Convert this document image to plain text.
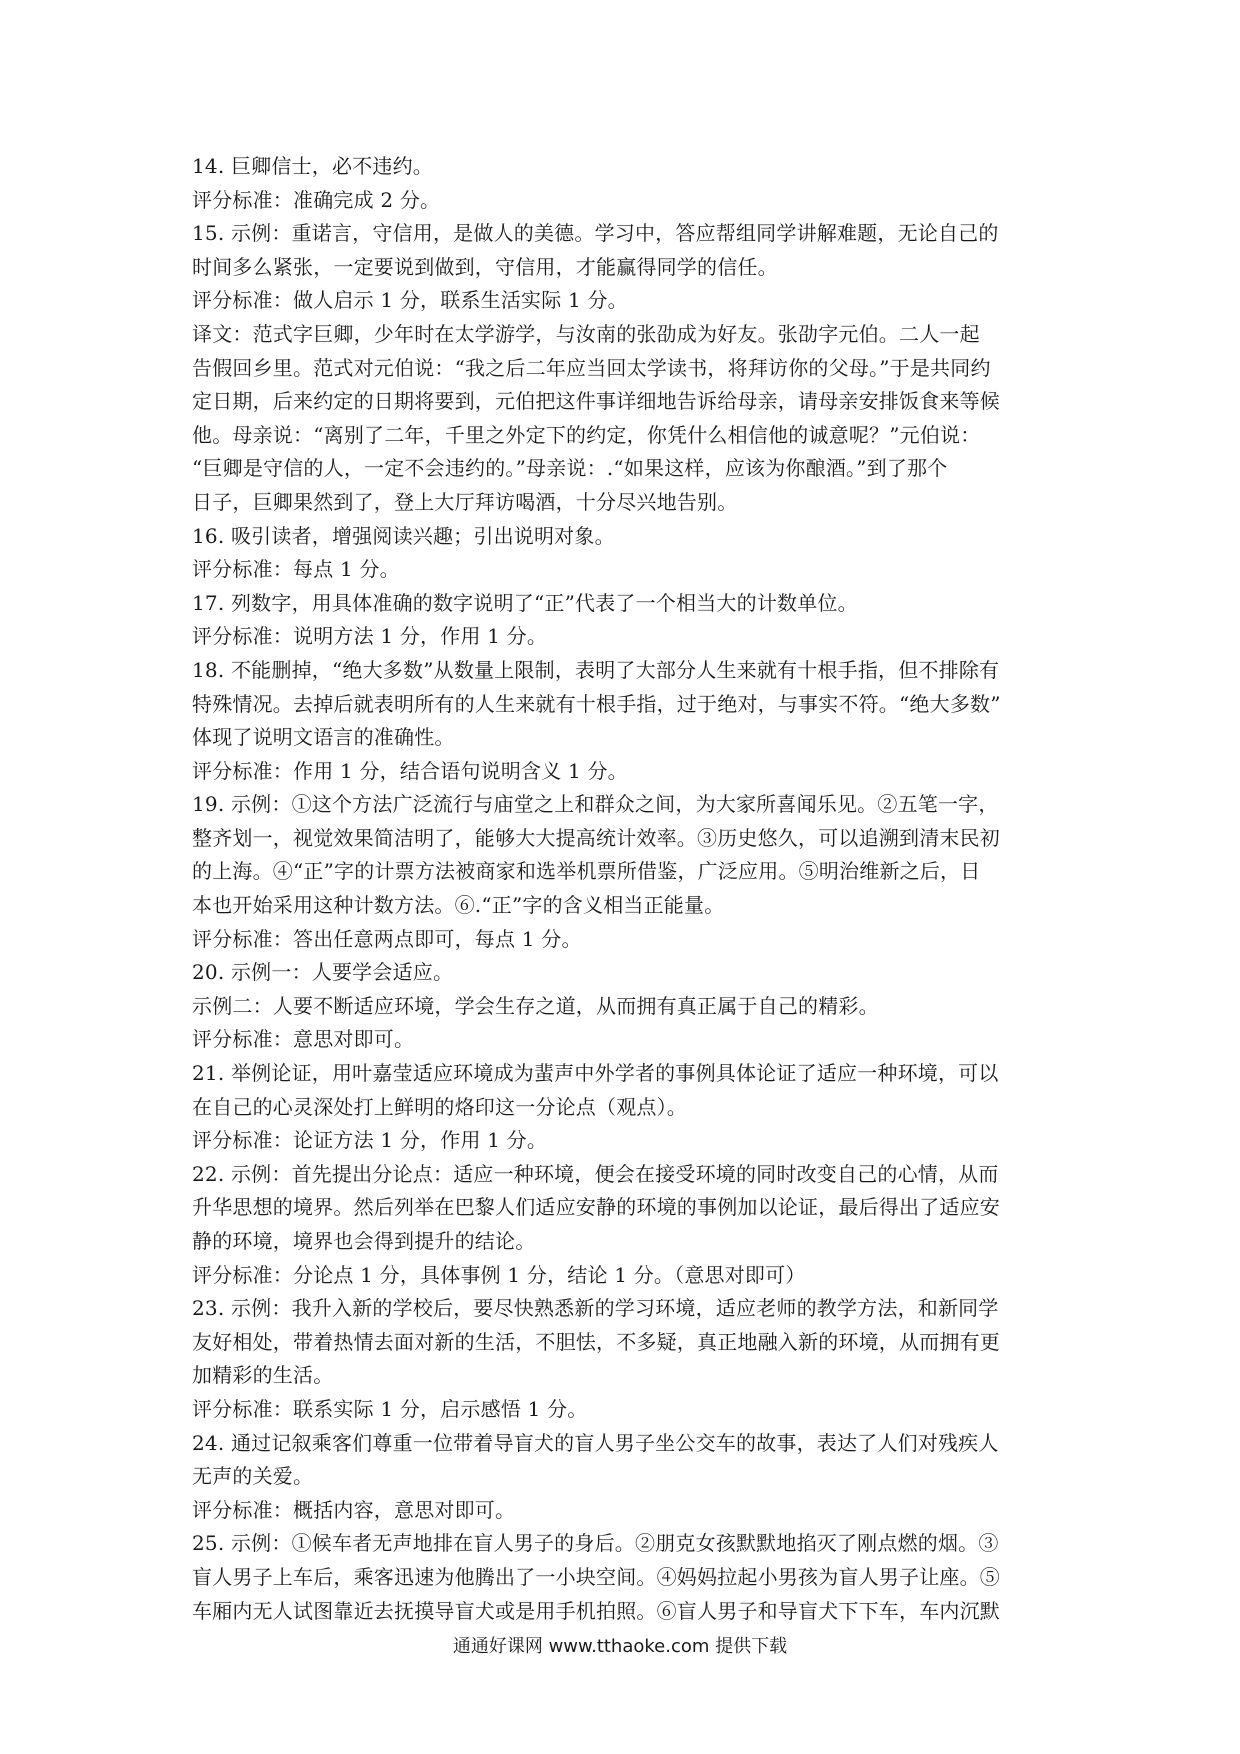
14. 巨卿信士，必不违约。
评分标准：准确完成 2 分。
15. 示例：重诺言，守信用，是做人的美德。学习中，答应帮组同学讲解难题，无论自己的
时间多么紧张，一定要说到做到，守信用，才能赢得同学的信任。
评分标准：做人启示 1 分，联系生活实际 1 分。
译文：范式字巨卿，少年时在太学游学，与汝南的张劭成为好友。张劭字元伯。二人一起
告假回乡里。范式对元伯说：“我之后二年应当回太学读书，将拜访你的父母。”于是共同约
定日期，后来约定的日期将要到，元伯把这件事详细地告诉给母亲，请母亲安排饭食来等候
他。母亲说：“离别了二年，千里之外定下的约定，你凭什么相信他的诚意呢？”元伯说：
“巨卿是守信的人，一定不会违约的。”母亲说：.“如果这样，应该为你酿酒。”到了那个
日子，巨卿果然到了，登上大厅拜访喝酒，十分尽兴地告别。
16. 吸引读者，增强阅读兴趣；引出说明对象。
评分标准：每点 1 分。
17. 列数字，用具体准确的数字说明了“正”代表了一个相当大的计数单位。
评分标准：说明方法 1 分，作用 1 分。
18. 不能删掉，“绝大多数”从数量上限制，表明了大部分人生来就有十根手指，但不排除有
特殊情况。去掉后就表明所有的人生来就有十根手指，过于绝对，与事实不符。“绝大多数”
体现了说明文语言的准确性。
评分标准：作用 1 分，结合语句说明含义 1 分。
19. 示例：①这个方法广泛流行与庙堂之上和群众之间，为大家所喜闻乐见。②五笔一字，
整齐划一，视觉效果简洁明了，能够大大提高统计效率。③历史悠久，可以追溯到清末民初
的上海。④“正”字的计票方法被商家和选举机票所借鉴，广泛应用。⑤明治维新之后，日
本也开始采用这种计数方法。⑥.“正”字的含义相当正能量。
评分标准：答出任意两点即可，每点 1 分。
20. 示例一：人要学会适应。
示例二：人要不断适应环境，学会生存之道，从而拥有真正属于自己的精彩。
评分标准：意思对即可。
21. 举例论证，用叶嘉莹适应环境成为蜚声中外学者的事例具体论证了适应一种环境，可以
在自己的心灵深处打上鲜明的烙印这一分论点（观点）。
评分标准：论证方法 1 分，作用 1 分。
22. 示例：首先提出分论点：适应一种环境，便会在接受环境的同时改变自己的心情，从而
升华思想的境界。然后列举在巴黎人们适应安静的环境的事例加以论证，最后得出了适应安
静的环境，境界也会得到提升的结论。
评分标准：分论点 1 分，具体事例 1 分，结论 1 分。（意思对即可）
23. 示例：我升入新的学校后，要尽快熟悉新的学习环境，适应老师的教学方法，和新同学
友好相处，带着热情去面对新的生活，不胆怯，不多疑，真正地融入新的环境，从而拥有更
加精彩的生活。
评分标准：联系实际 1 分，启示感悟 1 分。
24. 通过记叙乘客们尊重一位带着导盲犬的盲人男子坐公交车的故事，表达了人们对残疾人
无声的关爱。
评分标准：概括内容，意思对即可。
25. 示例：①候车者无声地排在盲人男子的身后。②朋克女孩默默地掐灭了刚点燃的烟。③
盲人男子上车后，乘客迅速为他腾出了一小块空间。④妈妈拉起小男孩为盲人男子让座。⑤
车厢内无人试图靠近去抚摸导盲犬或是用手机拍照。⑥盲人男子和导盲犬下下车，车内沉默
通通好课网 www.tthaoke.com 提供下载
